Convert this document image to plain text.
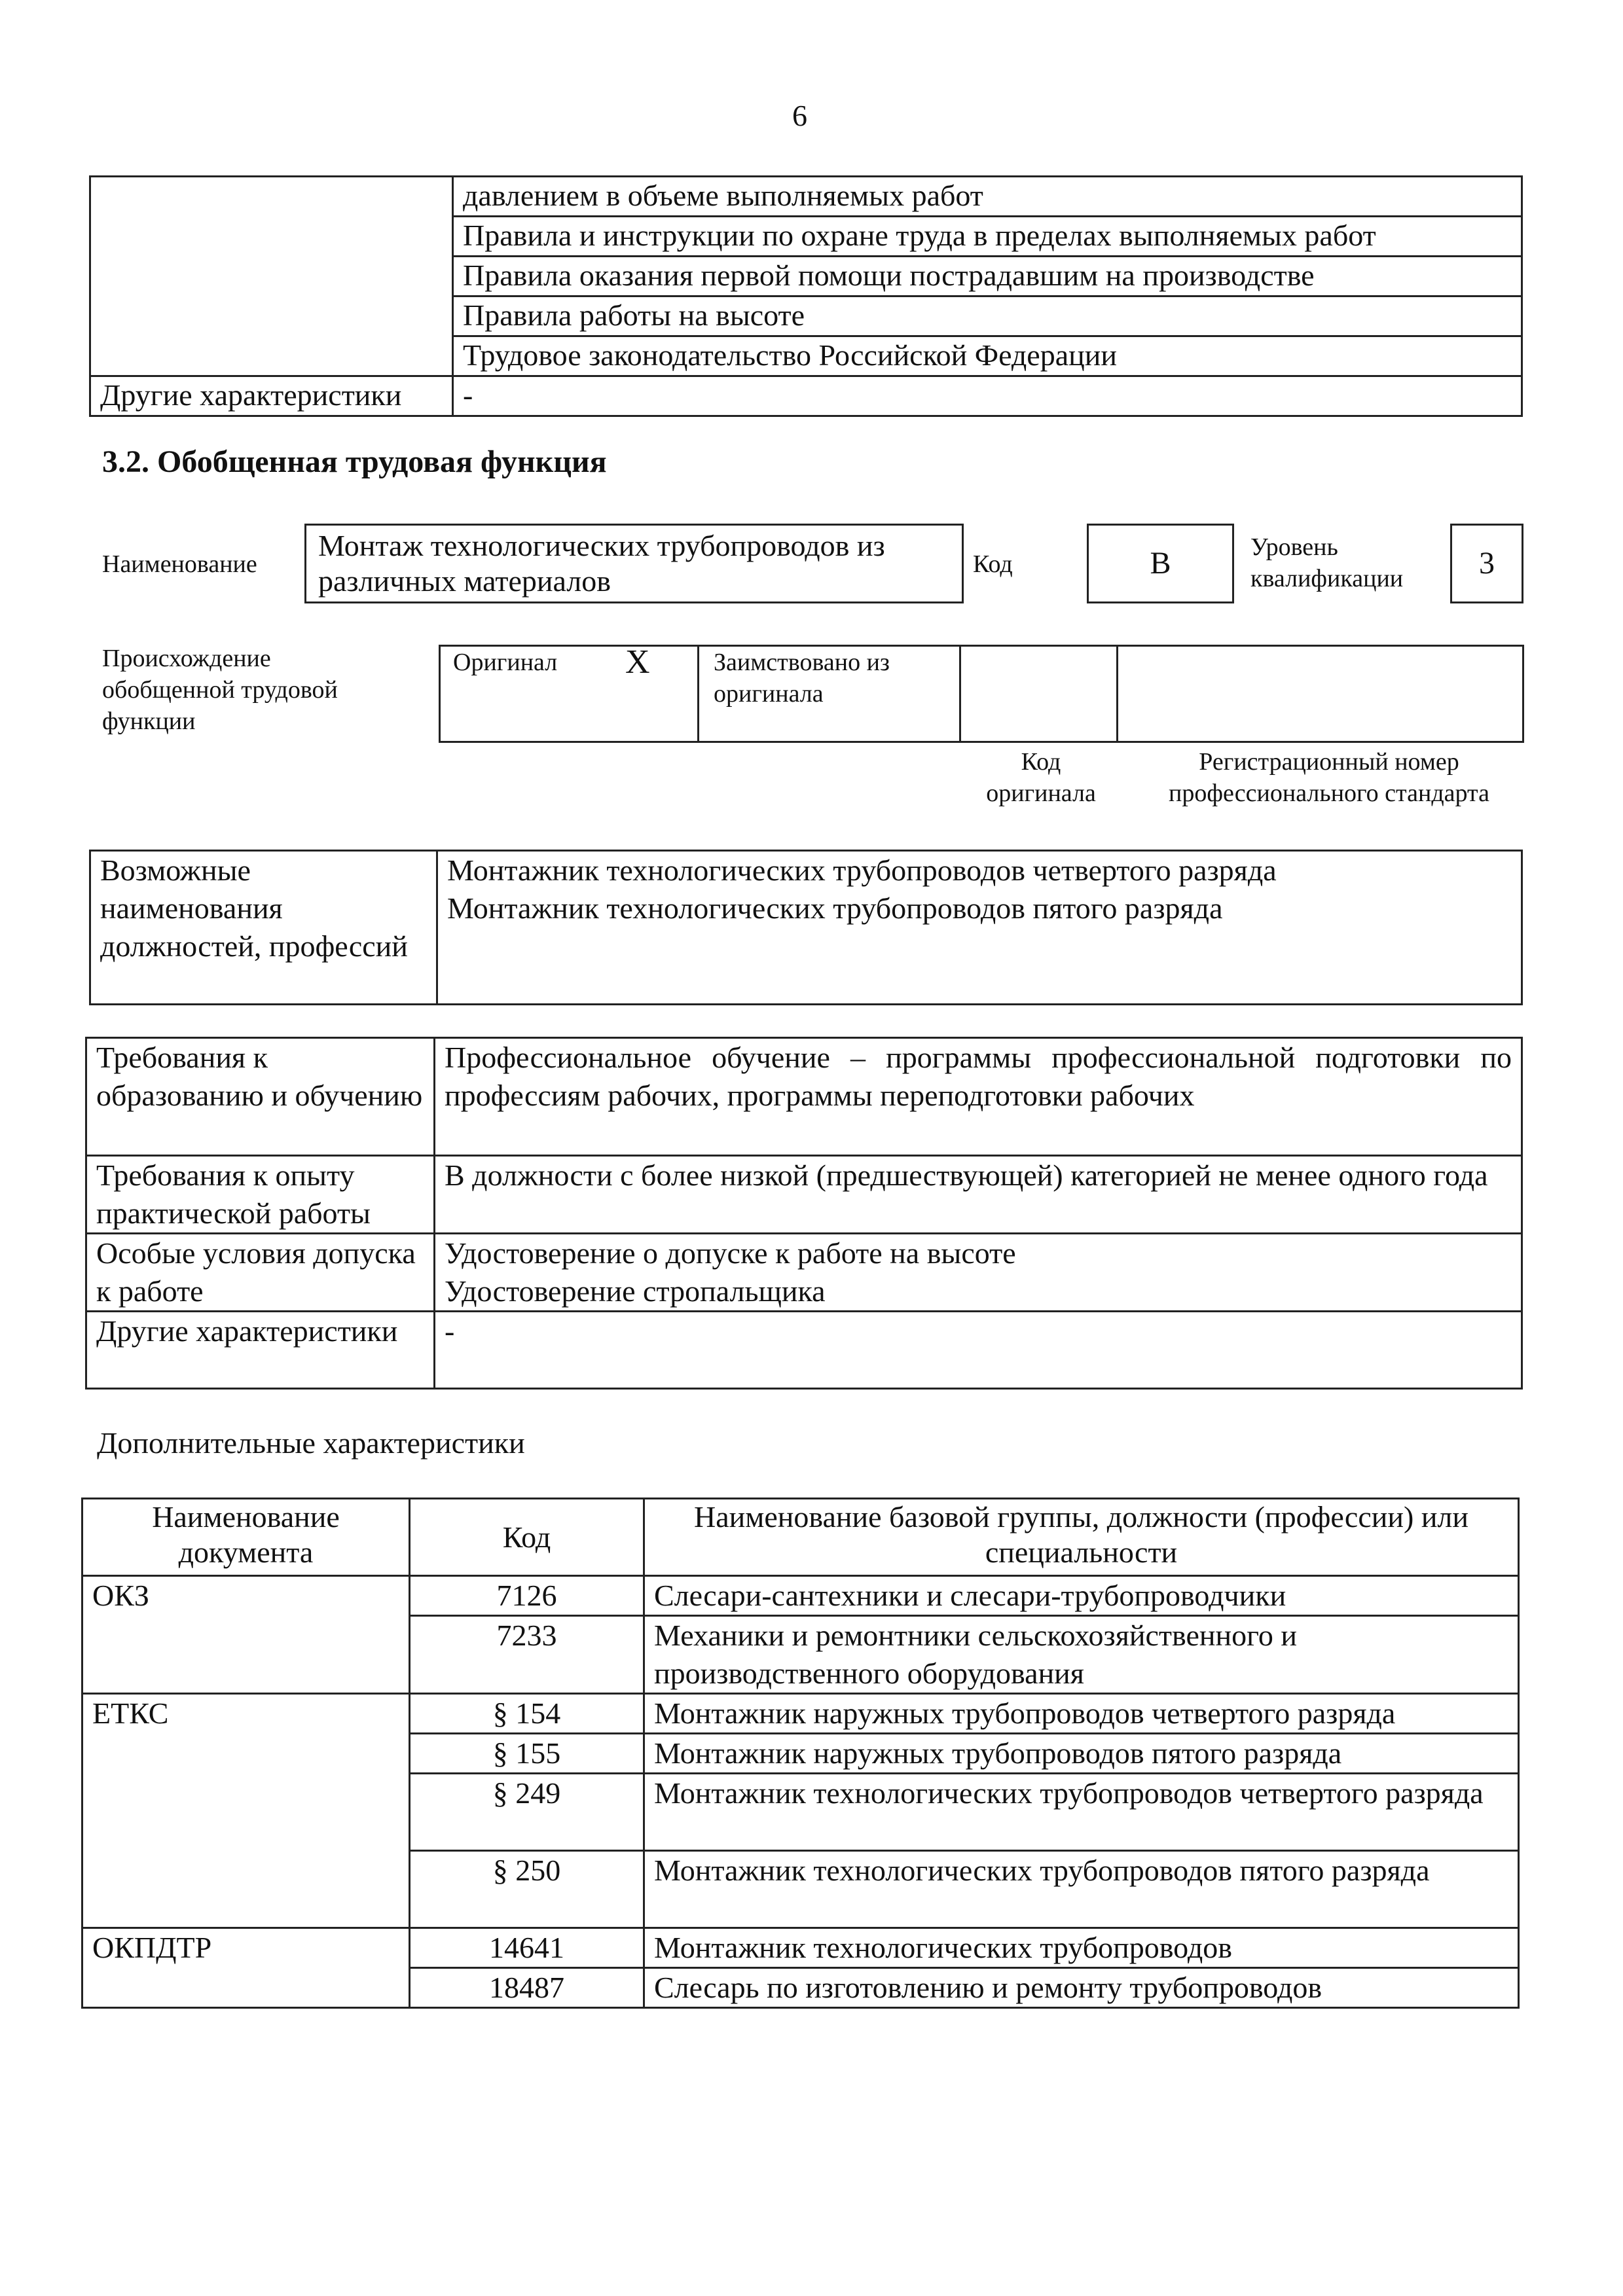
6
	давлением в объеме выполняемых работ
	Правила и инструкции по охране труда в пределах выполняемых работ
	Правила оказания первой помощи пострадавшим на производстве
	Правила работы на высоте
	Трудовое законодательство Российской Федерации
Другие характеристики	-
3.2. Обобщенная трудовая функция
Наименование
Монтаж технологических трубопроводов из различных материалов	Код	B	Уровень квалификации	3
Происхождение обобщенной трудовой функции
Оригинал X	Заимствовано из оригинала
Код оригинала
Регистрационный номер профессионального стандарта
Возможные наименования должностей, профессий	
Монтажник технологических трубопроводов четвертого разряда
Монтажник технологических трубопроводов пятого разряда
Требования к образованию и обучению	Профессиональное обучение – программы профессиональной подготовки по профессиям рабочих, программы переподготовки рабочих
Требования к опыту практической работы	В должности с более низкой (предшествующей) категорией не менее одного года
Особые условия допуска к работе	Удостоверение о допуске к работе на высоте
Удостоверение стропальщика

Другие характеристики	-
Дополнительные характеристики
Наименование документа	Код	Наименование базовой группы, должности (профессии) или специальности
ОКЗ	7126	Слесари-сантехники и слесари-трубопроводчики
	7233	Механики и ремонтники сельскохозяйственного и производственного оборудования
ЕТКС	§ 154	Монтажник наружных трубопроводов четвертого разряда
	§ 155	Монтажник наружных трубопроводов пятого разряда
	§ 249	Монтажник технологических трубопроводов четвертого разряда
	§ 250	Монтажник технологических трубопроводов пятого разряда
ОКПДТР	14641	Монтажник технологических трубопроводов
	18487	Слесарь по изготовлению и ремонту трубопроводов
